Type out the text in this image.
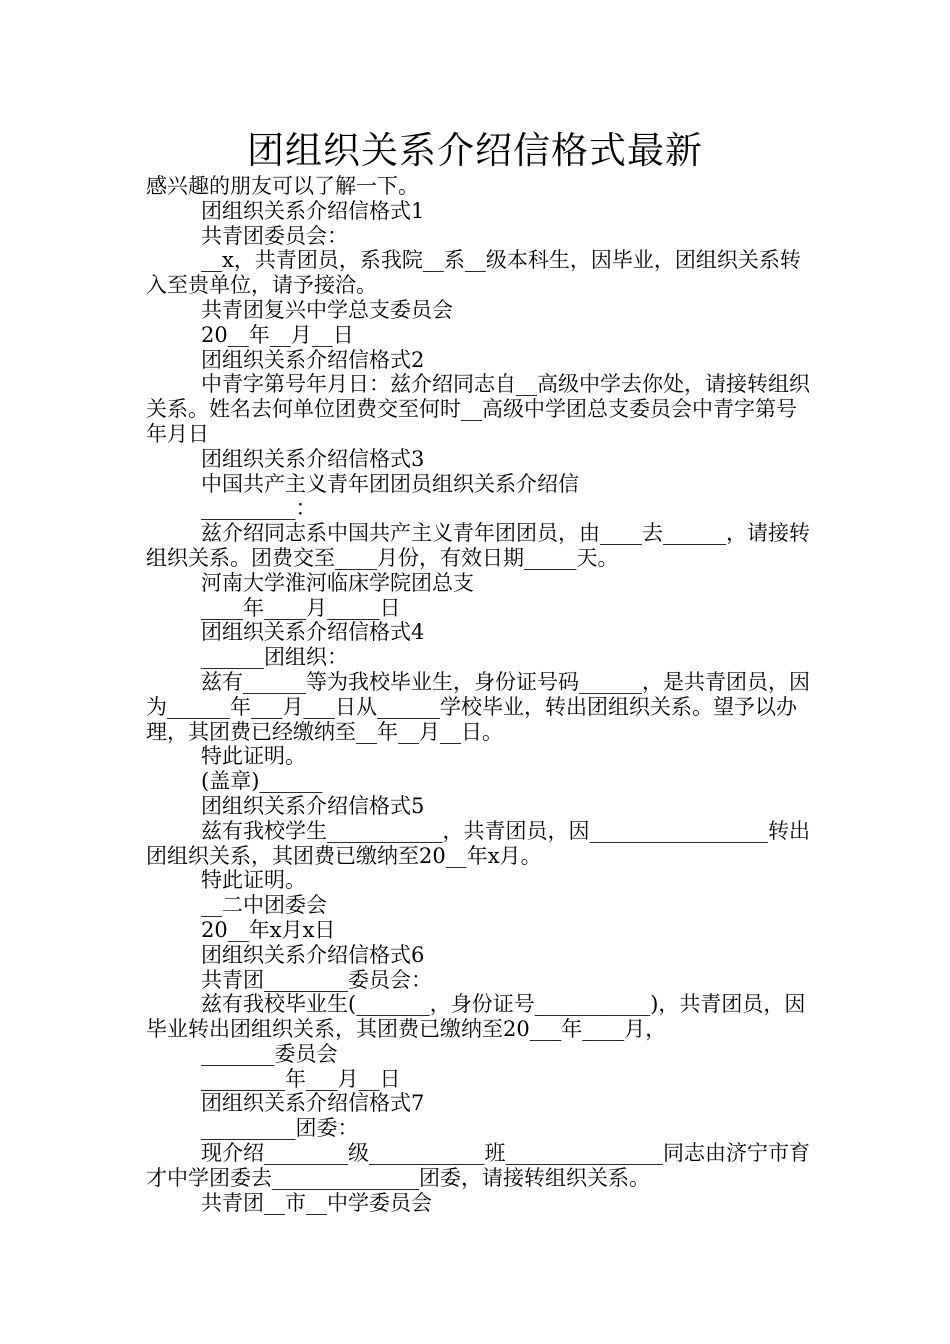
团组织关系介绍信格式最新

感兴趣的朋友可以了解一下。

团组织关系介绍信格式1

共青团委员会：

__x，共青团员，系我院__系__级本科生，因毕业，团组织关系转入至贵单位，请予接洽。

共青团复兴中学总支委员会

20__年__月__日

团组织关系介绍信格式2

中青字第号年月日：兹介绍同志自__高级中学去你处，请接转组织关系。姓名去何单位团费交至何时__高级中学团总支委员会中青字第号年月日

团组织关系介绍信格式3

中国共产主义青年团团员组织关系介绍信

_________：

兹介绍同志系中国共产主义青年团团员，由____去______，请接转组织关系。团费交至____月份，有效日期_____天。

河南大学淮河临床学院团总支

____年____月_____日

团组织关系介绍信格式4

______团组织：

兹有______等为我校毕业生，身份证号码______，是共青团员，因为______年___月___日从______学校毕业，转出团组织关系。望予以办理，其团费已经缴纳至__年__月__日。

特此证明。

(盖章)______

团组织关系介绍信格式5

兹有我校学生___________，共青团员，因_________________转出团组织关系，其团费已缴纳至20__年x月。

特此证明。

__二中团委会

20__年x月x日

团组织关系介绍信格式6

共青团________委员会：

兹有我校毕业生(_______，身份证号___________)，共青团员，因毕业转出团组织关系，其团费已缴纳至20___年____月，

_______委员会

________年___月__日

团组织关系介绍信格式7

_________团委：

现介绍________级___________班_______________同志由济宁市育才中学团委去______________团委，请接转组织关系。

共青团__市__中学委员会
